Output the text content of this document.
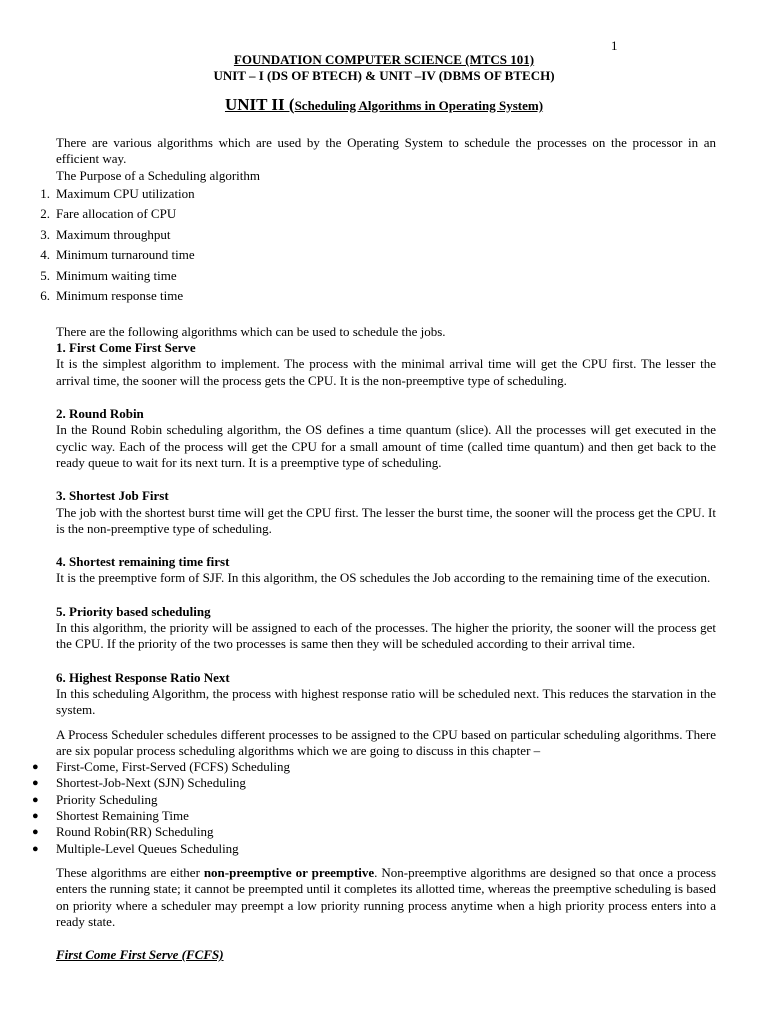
1
FOUNDATION COMPUTER SCIENCE (MTCS 101)
UNIT – I (DS OF BTECH) & UNIT –IV (DBMS OF BTECH)
UNIT II (Scheduling Algorithms in Operating System)

There are various algorithms which are used by the Operating System to schedule the processes on the processor in an efficient way.

The Purpose of a Scheduling algorithm

1. Maximum CPU utilization
2. Fare allocation of CPU
3. Maximum throughput
4. Minimum turnaround time
5. Minimum waiting time
6. Minimum response time

There are the following algorithms which can be used to schedule the jobs.

1. First Come First Serve

It is the simplest algorithm to implement. The process with the minimal arrival time will get the CPU first. The lesser the arrival time, the sooner will the process gets the CPU. It is the non-preemptive type of scheduling.

2. Round Robin

In the Round Robin scheduling algorithm, the OS defines a time quantum (slice). All the processes will get executed in the cyclic way. Each of the process will get the CPU for a small amount of time (called time quantum) and then get back to the ready queue to wait for its next turn. It is a preemptive type of scheduling.

3. Shortest Job First

The job with the shortest burst time will get the CPU first. The lesser the burst time, the sooner will the process get the CPU. It is the non-preemptive type of scheduling.

4. Shortest remaining time first

It is the preemptive form of SJF. In this algorithm, the OS schedules the Job according to the remaining time of the execution.

5. Priority based scheduling

In this algorithm, the priority will be assigned to each of the processes. The higher the priority, the sooner will the process get the CPU. If the priority of the two processes is same then they will be scheduled according to their arrival time.

6. Highest Response Ratio Next

In this scheduling Algorithm, the process with highest response ratio will be scheduled next. This reduces the starvation in the system.

A Process Scheduler schedules different processes to be assigned to the CPU based on particular scheduling algorithms. There are six popular process scheduling algorithms which we are going to discuss in this chapter –

● First-Come, First-Served (FCFS) Scheduling
● Shortest-Job-Next (SJN) Scheduling
● Priority Scheduling
● Shortest Remaining Time
● Round Robin(RR) Scheduling
● Multiple-Level Queues Scheduling

These algorithms are either non-preemptive or preemptive. Non-preemptive algorithms are designed so that once a process enters the running state; it cannot be preempted until it completes its allotted time, whereas the preemptive scheduling is based on priority where a scheduler may preempt a low priority running process anytime when a high priority process enters into a ready state.

First Come First Serve (FCFS)
